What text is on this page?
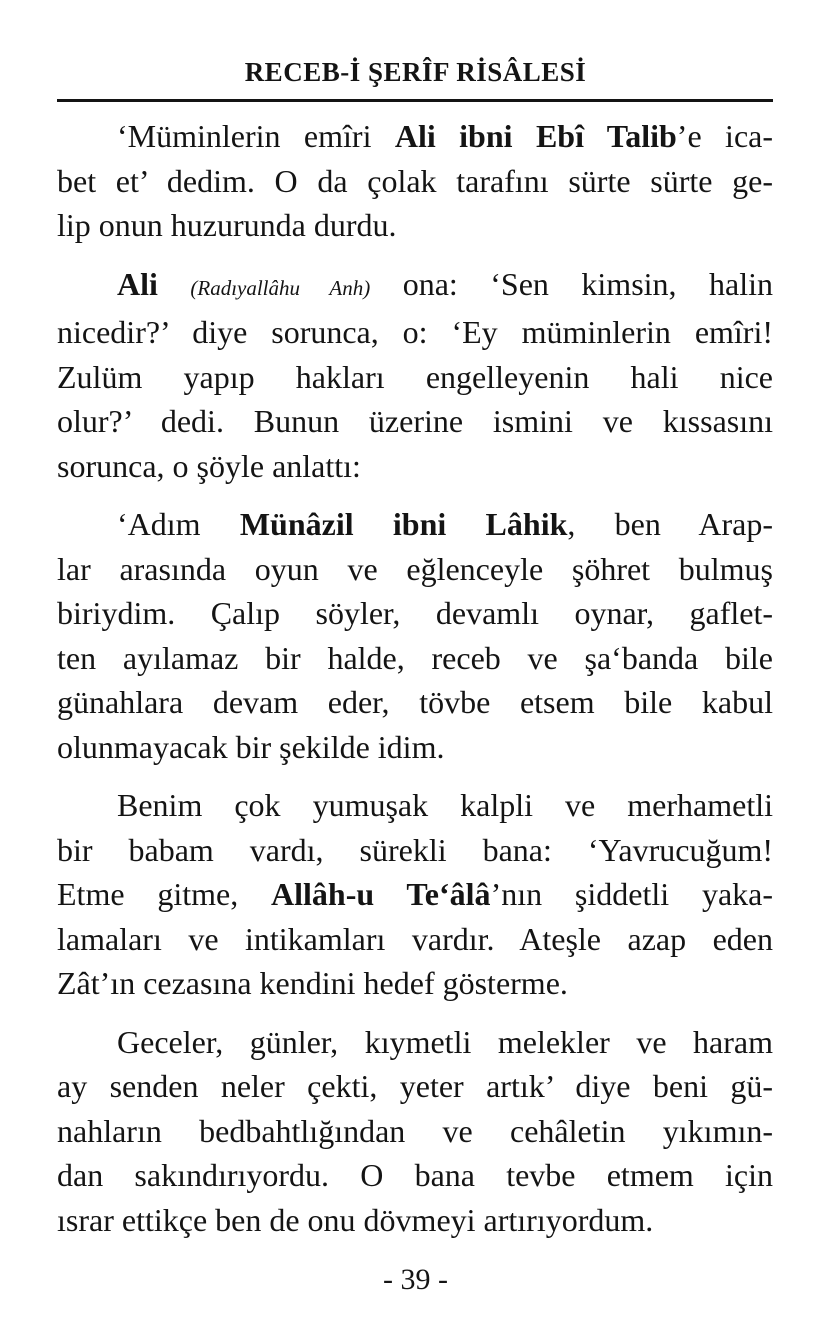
RECEB-İ ŞERÎF RİSÂLESİ
‘Müminlerin emîri Ali ibni Ebî Talib’e ica-
bet et’ dedim. O da çolak tarafını sürte sürte ge-
lip onun huzurunda durdu.
Ali (Radıyallâhu Anh) ona: ‘Sen kimsin, halin
nicedir?’ diye sorunca, o: ‘Ey müminlerin emîri!
Zulüm yapıp hakları engelleyenin hali nice
olur?’ dedi. Bunun üzerine ismini ve kıssasını
sorunca, o şöyle anlattı:
‘Adım Münâzil ibni Lâhik, ben Arap-
lar arasında oyun ve eğlenceyle şöhret bulmuş
biriydim. Çalıp söyler, devamlı oynar, gaflet-
ten ayılamaz bir halde, receb ve şa‘banda bile
günahlara devam eder, tövbe etsem bile kabul
olunmayacak bir şekilde idim.
Benim çok yumuşak kalpli ve merhametli
bir babam vardı, sürekli bana: ‘Yavrucuğum!
Etme gitme, Allâh-u Te‘âlâ’nın şiddetli yaka-
lamaları ve intikamları vardır. Ateşle azap eden
Zât’ın cezasına kendini hedef gösterme.
Geceler, günler, kıymetli melekler ve haram
ay senden neler çekti, yeter artık’ diye beni gü-
nahların bedbahtlığından ve cehâletin yıkımın-
dan sakındırıyordu. O bana tevbe etmem için
ısrar ettikçe ben de onu dövmeyi artırıyordum.
- 39 -
